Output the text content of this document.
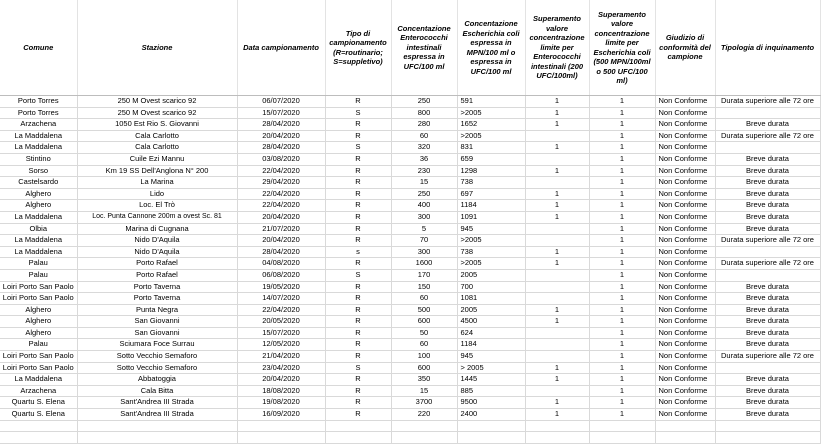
Comune	Stazione	Data campionamento	Tipo di campionamento (R=routinario; S=suppletivo)	Concentazione Enterococchi intestinali espressa in UFC/100 ml	Concentazione Escherichia coli espressa in MPN/100 ml o espressa in UFC/100 ml	Superamento valore concentrazione limite per Enterococchi intestinali (200 UFC/100ml)	Superamento valore concentrazione limite per Escherichia coli (500 MPN/100ml o 500 UFC/100 ml)	Giudizio di conformità del campione	Tipologia di inquinamento
Porto Torres	250 M Ovest scarico 92	06/07/2020	R	250	591	1	1	Non Conforme	Durata superiore alle 72 ore
Porto Torres	250 M Ovest scarico 92	15/07/2020	S	800	>2005	1	1	Non Conforme	
Arzachena	1050 Est Rio S. Giovanni	28/04/2020	R	280	1652	1	1	Non Conforme	Breve durata
La Maddalena	Cala Carlotto	20/04/2020	R	60	>2005		1	Non Conforme	Durata superiore alle 72 ore
La Maddalena	Cala Carlotto	28/04/2020	S	320	831	1	1	Non Conforme	
Stintino	Cuile Ezi Mannu	03/08/2020	R	36	659		1	Non Conforme	Breve durata
Sorso	Km 19 SS Dell'Anglona N° 200	22/04/2020	R	230	1298	1	1	Non Conforme	Breve durata
Castelsardo	La Marina	29/04/2020	R	15	738		1	Non Conforme	Breve durata
Alghero	Lido	22/04/2020	R	250	697	1	1	Non Conforme	Breve durata
Alghero	Loc. El Trò	22/04/2020	R	400	1184	1	1	Non Conforme	Breve durata
La Maddalena	Loc. Punta Cannone 200m a ovest Sc. 81	20/04/2020	R	300	1091	1	1	Non Conforme	Breve durata
Olbia	Marina di Cugnana	21/07/2020	R	5	945		1	Non Conforme	Breve durata
La Maddalena	Nido D'Aquila	20/04/2020	R	70	>2005		1	Non Conforme	Durata superiore alle 72 ore
La Maddalena	Nido D'Aquila	28/04/2020	s	300	738	1	1	Non Conforme	
Palau	Porto Rafael	04/08/2020	R	1600	>2005	1	1	Non Conforme	Durata superiore alle 72 ore
Palau	Porto Rafael	06/08/2020	S	170	2005		1	Non Conforme	
Loiri Porto San Paolo	Porto Taverna	19/05/2020	R	150	700		1	Non Conforme	Breve durata
Loiri Porto San Paolo	Porto Taverna	14/07/2020	R	60	1081		1	Non Conforme	Breve durata
Alghero	Punta Negra	22/04/2020	R	500	2005	1	1	Non Conforme	Breve durata
Alghero	San Giovanni	20/05/2020	R	600	4500	1	1	Non Conforme	Breve durata
Alghero	San Giovanni	15/07/2020	R	50	624		1	Non Conforme	Breve durata
Palau	Sciumara Foce Surrau	12/05/2020	R	60	1184		1	Non Conforme	Breve durata
Loiri Porto San Paolo	Sotto Vecchio Semaforo	21/04/2020	R	100	945		1	Non Conforme	Durata superiore alle 72 ore
Loiri Porto San Paolo	Sotto Vecchio Semaforo	23/04/2020	S	600	> 2005	1	1	Non Conforme	
La Maddalena	Abbatoggia	20/04/2020	R	350	1445	1	1	Non Conforme	Breve durata
Arzachena	Cala Bitta	18/08/2020	R	15	885		1	Non Conforme	Breve durata
Quartu S. Elena	Sant'Andrea III Strada	19/08/2020	R	3700	9500	1	1	Non Conforme	Breve durata
Quartu S. Elena	Sant'Andrea III Strada	16/09/2020	R	220	2400	1	1	Non Conforme	Breve durata
